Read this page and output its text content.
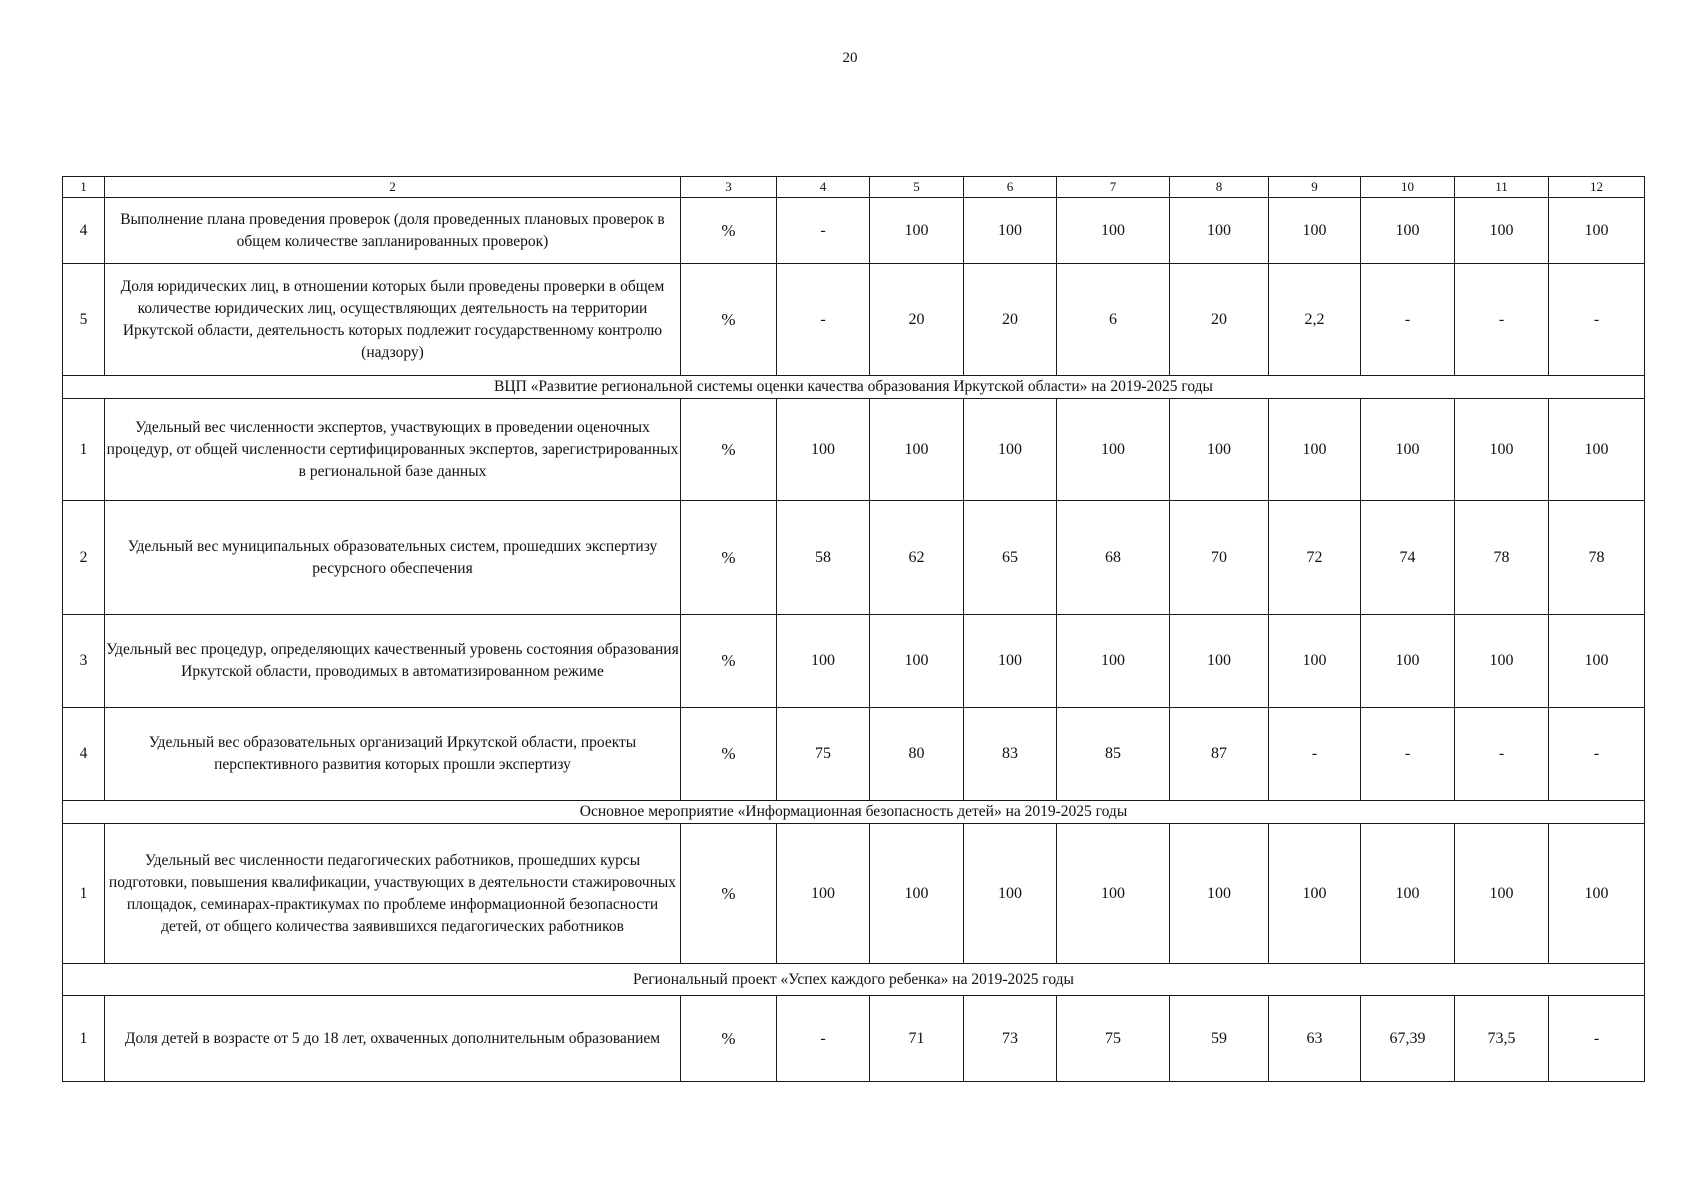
20
1	2	3	4	5	6	7	8	9	10	11	12
4	Выполнение плана проведения проверок (доля проведенных плановых проверок в общем количестве запланированных проверок)	%	-	100	100	100	100	100	100	100	100
5	Доля юридических лиц, в отношении которых были проведены проверки в общем количестве юридических лиц, осуществляющих деятельность на территории Иркутской области, деятельность которых подлежит государственному контролю (надзору)	%	-	20	20	6	20	2,2	-	-	-
ВЦП «Развитие региональной системы оценки качества образования Иркутской области» на 2019-2025 годы											
1	Удельный вес численности экспертов, участвующих в проведении оценочных процедур, от общей численности сертифицированных экспертов, зарегистрированных в региональной базе данных	%	100	100	100	100	100	100	100	100	100
2	Удельный вес муниципальных образовательных систем, прошедших экспертизу ресурсного обеспечения	%	58	62	65	68	70	72	74	78	78
3	Удельный вес процедур, определяющих качественный уровень состояния образования Иркутской области, проводимых в автоматизированном режиме	%	100	100	100	100	100	100	100	100	100
4	Удельный вес образовательных организаций Иркутской области, проекты перспективного развития которых прошли экспертизу	%	75	80	83	85	87	-	-	-	-
Основное мероприятие «Информационная безопасность детей» на 2019-2025 годы											
1	Удельный вес численности педагогических работников, прошедших курсы подготовки, повышения квалификации, участвующих в деятельности стажировочных площадок, семинарах-практикумах по проблеме информационной безопасности детей, от общего количества заявившихся педагогических работников	%	100	100	100	100	100	100	100	100	100
Региональный проект «Успех каждого ребенка» на 2019-2025 годы											
1	Доля детей в возрасте от 5 до 18 лет, охваченных дополнительным образованием	%	-	71	73	75	59	63	67,39	73,5	-
